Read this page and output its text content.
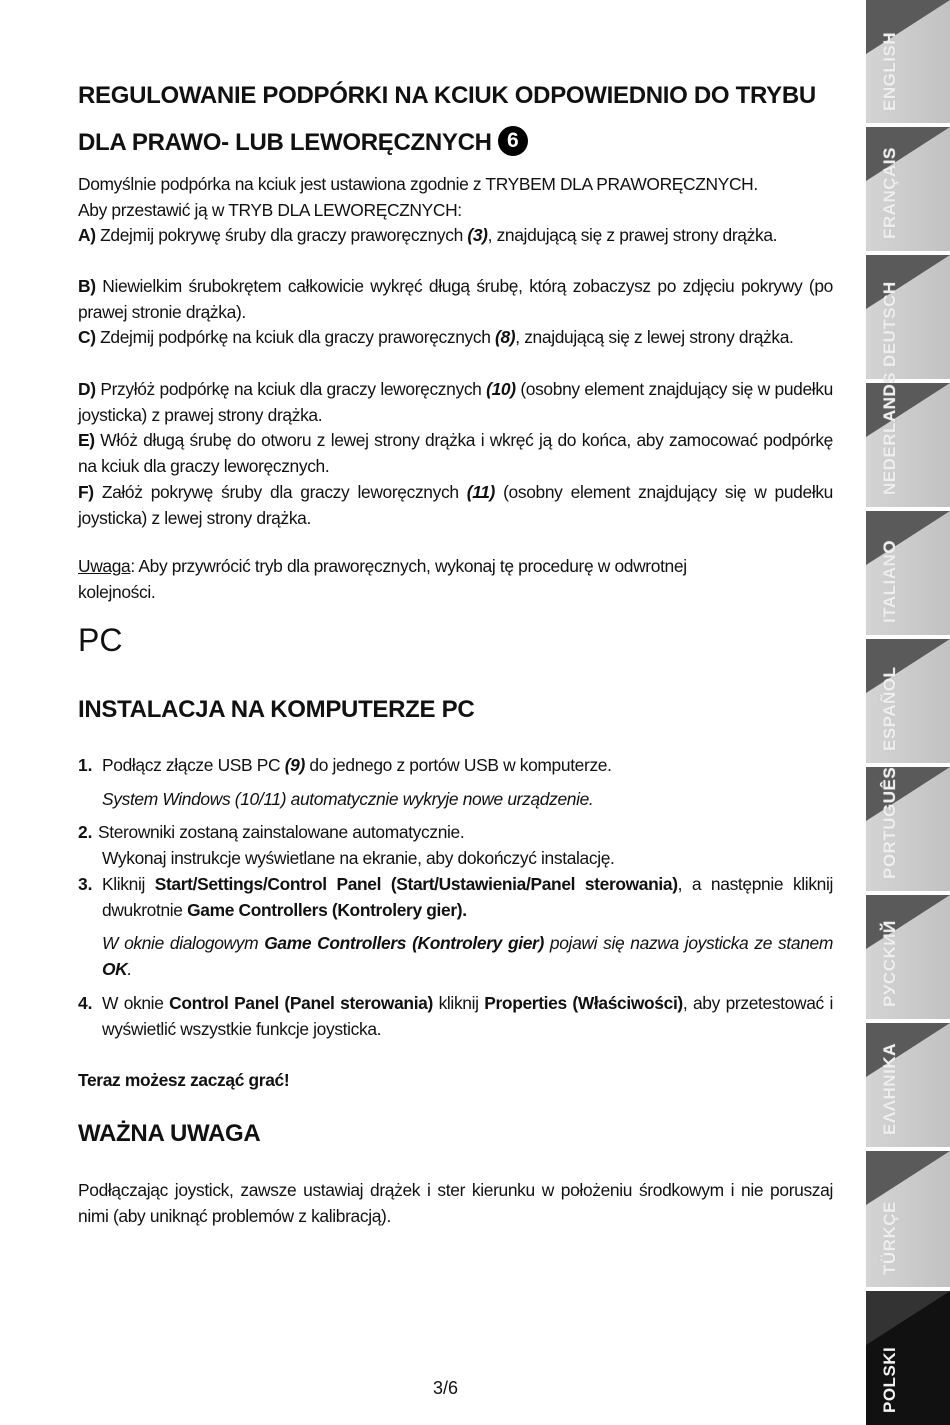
REGULOWANIE PODPÓRKI NA KCIUK ODPOWIEDNIO DO TRYBU
DLA PRAWO- LUB LEWORĘCZNYCH 6
Domyślnie podpórka na kciuk jest ustawiona zgodnie z TRYBEM DLA PRAWORĘCZNYCH.
Aby przestawić ją w TRYB DLA LEWORĘCZNYCH:
A) Zdejmij pokrywę śruby dla graczy praworęcznych (3), znajdującą się z prawej strony drążka.
B) Niewielkim śrubokrętem całkowicie wykręć długą śrubę, którą zobaczysz po zdjęciu pokrywy (po prawej stronie drążka).
C) Zdejmij podpórkę na kciuk dla graczy praworęcznych (8), znajdującą się z lewej strony drążka.
D) Przyłóż podpórkę na kciuk dla graczy leworęcznych (10) (osobny element znajdujący się w pudełku joysticka) z prawej strony drążka.
E) Włóż długą śrubę do otworu z lewej strony drążka i wkręć ją do końca, aby zamocować podpórkę na kciuk dla graczy leworęcznych.
F) Załóż pokrywę śruby dla graczy leworęcznych (11) (osobny element znajdujący się w pudełku joysticka) z lewej strony drążka.
Uwaga: Aby przywrócić tryb dla praworęcznych, wykonaj tę procedurę w odwrotnej kolejności.
PC
INSTALACJA NA KOMPUTERZE PC
1. Podłącz złącze USB PC (9) do jednego z portów USB w komputerze.
System Windows (10/11) automatycznie wykryje nowe urządzenie.
2. Sterowniki zostaną zainstalowane automatycznie.
Wykonaj instrukcje wyświetlane na ekranie, aby dokończyć instalację.
3. Kliknij Start/Settings/Control Panel (Start/Ustawienia/Panel sterowania), a następnie kliknij dwukrotnie Game Controllers (Kontrolery gier).
W oknie dialogowym Game Controllers (Kontrolery gier) pojawi się nazwa joysticka ze stanem OK.
4. W oknie Control Panel (Panel sterowania) kliknij Properties (Właściwości), aby przetestować i wyświetlić wszystkie funkcje joysticka.
Teraz możesz zacząć grać!
WAŻNA UWAGA
Podłączając joystick, zawsze ustawiaj drążek i ster kierunku w położeniu środkowym i nie poruszaj nimi (aby uniknąć problemów z kalibracją).
3/6
ENGLISH
FRANÇAIS
DEUTSCH
NEDERLANDS
ITALIANO
ESPAÑOL
PORTUGUÊS
PУCCKИЙ
ΕΛΛΗΝΙΚΑ
TÜRKÇE
POLSKI
